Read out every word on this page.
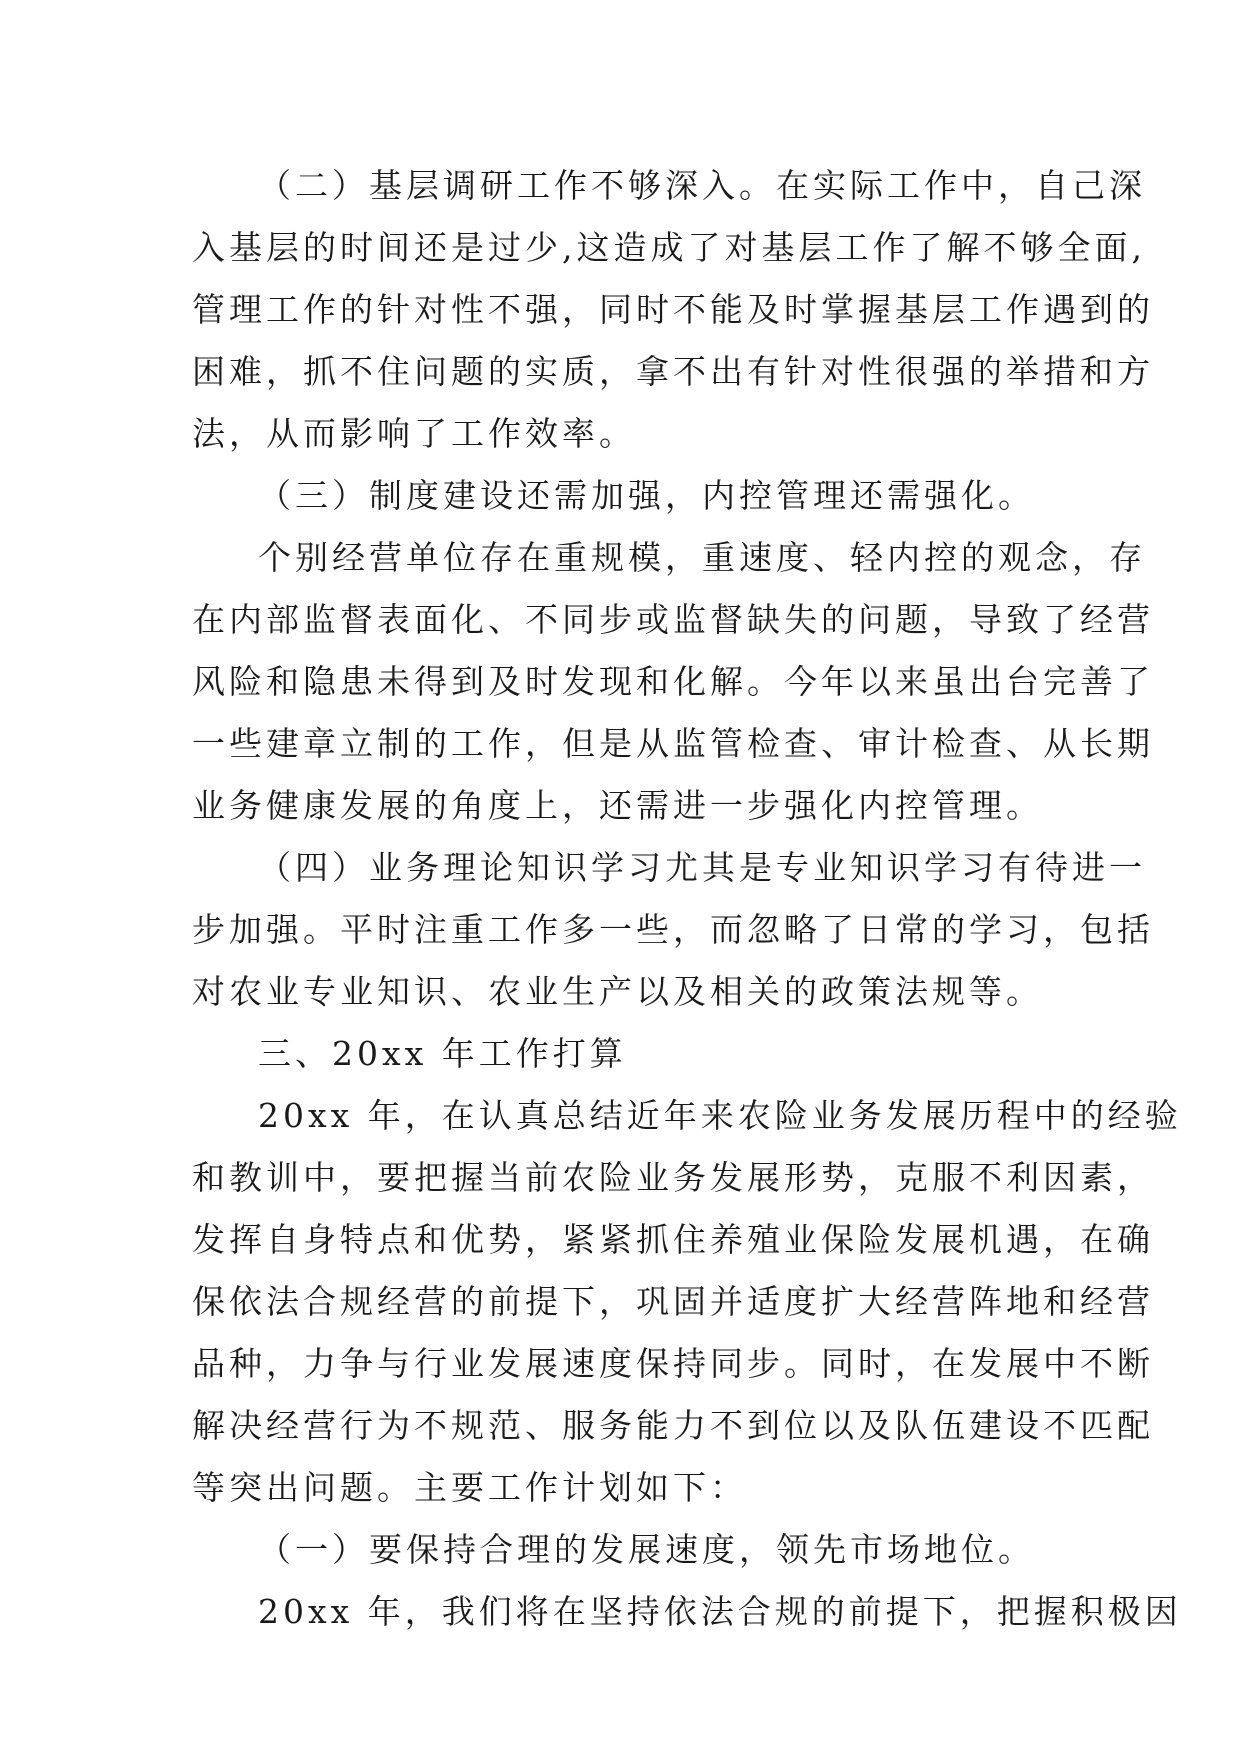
（二）基层调研工作不够深入。在实际工作中，自己深
入基层的时间还是过少,这造成了对基层工作了解不够全面,
管理工作的针对性不强，同时不能及时掌握基层工作遇到的
困难，抓不住问题的实质，拿不出有针对性很强的举措和方
法，从而影响了工作效率。
（三）制度建设还需加强，内控管理还需强化。
个别经营单位存在重规模，重速度、轻内控的观念，存
在内部监督表面化、不同步或监督缺失的问题，导致了经营
风险和隐患未得到及时发现和化解。今年以来虽出台完善了
一些建章立制的工作，但是从监管检查、审计检查、从长期
业务健康发展的角度上，还需进一步强化内控管理。
（四）业务理论知识学习尤其是专业知识学习有待进一
步加强。平时注重工作多一些，而忽略了日常的学习，包括
对农业专业知识、农业生产以及相关的政策法规等。
三、20xx 年工作打算
20xx 年，在认真总结近年来农险业务发展历程中的经验
和教训中，要把握当前农险业务发展形势，克服不利因素，
发挥自身特点和优势，紧紧抓住养殖业保险发展机遇，在确
保依法合规经营的前提下，巩固并适度扩大经营阵地和经营
品种，力争与行业发展速度保持同步。同时，在发展中不断
解决经营行为不规范、服务能力不到位以及队伍建设不匹配
等突出问题。主要工作计划如下：
（一）要保持合理的发展速度，领先市场地位。
20xx 年，我们将在坚持依法合规的前提下，把握积极因
